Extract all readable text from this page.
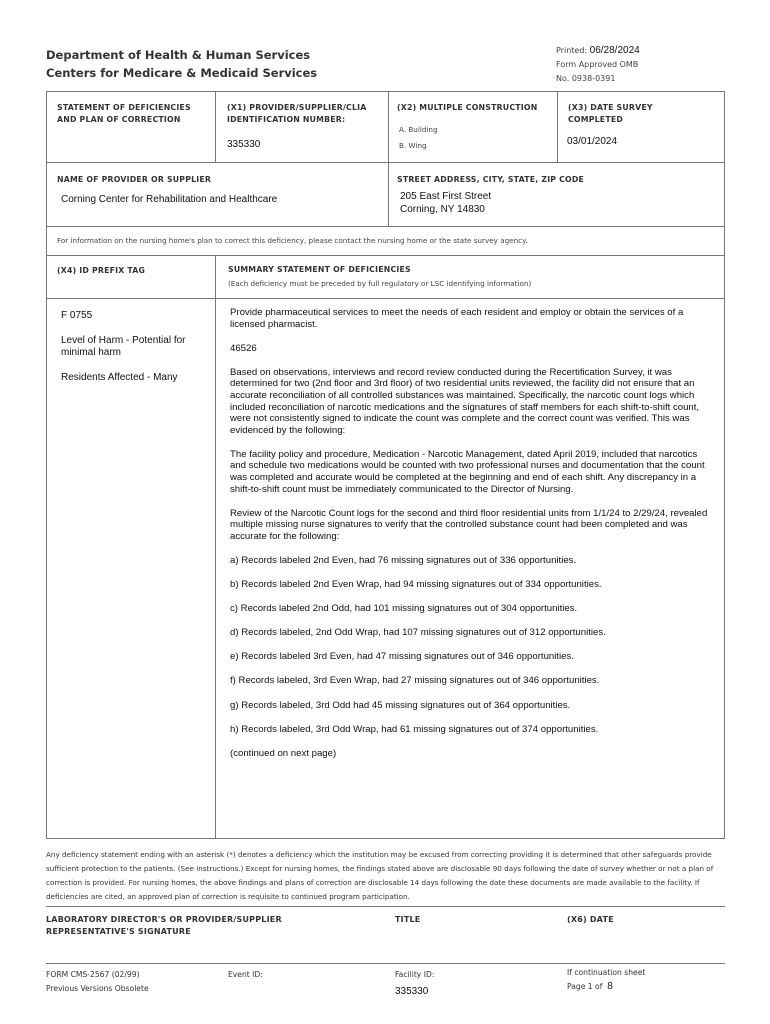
Department of Health & Human Services
Centers for Medicare & Medicaid Services
Printed: 06/28/2024
Form Approved OMB
No. 0938-0391
STATEMENT OF DEFICIENCIES
AND PLAN OF CORRECTION
(X1) PROVIDER/SUPPLIER/CLIA
IDENTIFICATION NUMBER:
335330
(X2) MULTIPLE CONSTRUCTION
A. Building
B. Wing
(X3) DATE SURVEY
COMPLETED
03/01/2024
NAME OF PROVIDER OR SUPPLIER
Corning Center for Rehabilitation and Healthcare
STREET ADDRESS, CITY, STATE, ZIP CODE
205 East First Street
Corning, NY 14830
For information on the nursing home's plan to correct this deficiency, please contact the nursing home or the state survey agency.
(X4) ID PREFIX TAG	SUMMARY STATEMENT OF DEFICIENCIES
(Each deficiency must be preceded by full regulatory or LSC identifying information)
F 0755
Level of Harm - Potential for
minimal harm
Residents Affected - Many

Provide pharmaceutical services to meet the needs of each resident and employ or obtain the services of a licensed pharmacist.

46526

Based on observations, interviews and record review conducted during the Recertification Survey, it was determined for two (2nd floor and 3rd floor) of two residential units reviewed, the facility did not ensure that an accurate reconciliation of all controlled substances was maintained. Specifically, the narcotic count logs which included reconciliation of narcotic medications and the signatures of staff members for each shift-to-shift count, were not consistently signed to indicate the count was complete and the correct count was verified. This was evidenced by the following:

The facility policy and procedure, Medication - Narcotic Management, dated April 2019, included that narcotics and schedule two medications would be counted with two professional nurses and documentation that the count was completed and accurate would be completed at the beginning and end of each shift. Any discrepancy in a shift-to-shift count must be immediately communicated to the Director of Nursing.

Review of the Narcotic Count logs for the second and third floor residential units from 1/1/24 to 2/29/24, revealed multiple missing nurse signatures to verify that the controlled substance count had been completed and was accurate for the following:

a) Records labeled 2nd Even, had 76 missing signatures out of 336 opportunities.

b) Records labeled 2nd Even Wrap, had 94 missing signatures out of 334 opportunities.

c) Records labeled 2nd Odd, had 101 missing signatures out of 304 opportunities.

d) Records labeled, 2nd Odd Wrap, had 107 missing signatures out of 312 opportunities.

e) Records labeled 3rd Even, had 47 missing signatures out of 346 opportunities.

f) Records labeled, 3rd Even Wrap, had 27 missing signatures out of 346 opportunities.

g) Records labeled, 3rd Odd had 45 missing signatures out of 364 opportunities.

h) Records labeled, 3rd Odd Wrap, had 61 missing signatures out of 374 opportunities.

(continued on next page)

Any deficiency statement ending with an asterisk (*) denotes a deficiency which the institution may be excused from correcting providing it is determined that other safeguards provide sufficient protection to the patients. (See instructions.) Except for nursing homes, the findings stated above are disclosable 90 days following the date of survey whether or not a plan of correction is provided. For nursing homes, the above findings and plans of correction are disclosable 14 days following the date these documents are made available to the facility. If deficiencies are cited, an approved plan of correction is requisite to continued program participation.
LABORATORY DIRECTOR'S OR PROVIDER/SUPPLIER
REPRESENTATIVE'S SIGNATURE
TITLE	(X6) DATE
FORM CMS-2567 (02/99)
Previous Versions Obsolete
Event ID:	Facility ID:
335330
If continuation sheet
Page 1 of 8
